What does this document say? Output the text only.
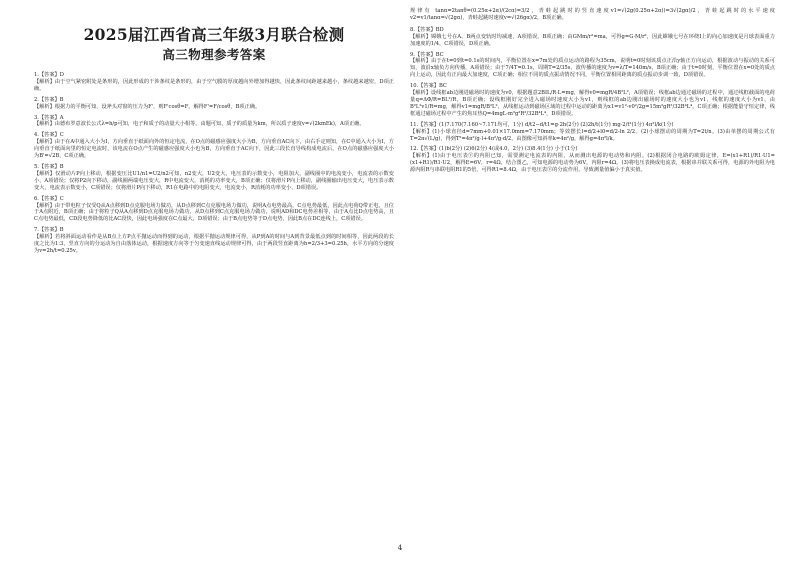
2025届江西省高三年级3月联合检测
高三物理参考答案
1.【答案】D
【解析】由于空气紧密附处是条形的，因此形成的干涉条纹是条形的，由于空气膜的厚度越向外增加得越快，因此条纹间距越来越小，条纹越来越密，D项正确。
2.【答案】B
【解析】根据力的平衡可知，设斧头对窗的压力为F'，则F'cosθ=F，解得F'=F/cosθ，B项正确。
3.【答案】A
【解析】由德布罗意波长公式λ=h/p可知，电子和质子的动量大小相等，由题可知，质子的质量为km，所以质子速度v=√(2kmEk)，A项正确。
4.【答案】C
【解析】由于在A中通入大小为I，方向垂直于纸面向外的恒定电流，在O点的磁感应强度大小为B，方向垂直AC向下，由右手定则知，在C中通入大小为I，方向垂直于纸面向里的恒定电流时，该电流在O点产生的磁感应强度大小也为B，方向垂直于AC向下，因此三段长直导线构成电流后，在O点的磁感应强度大小为B'=√2B，C项正确。
5.【答案】B
【解析】仅滑动片P向上移动，根据变压比U1/n1=U2/n2可知，n2变大，U2变大，电压表的示数变小，电阻加大，副线圈中的电流变小，电流表的示数变小，A项错误；仅将P2向下移动，副线圈两端电压变大，R中电流变大，消耗的功率变大，B项正确；仅将滑片P向上移动，副线圈输出电压变大，电压表示数变大，电流表示数变小，C项错误；仅将滑片P向下移动，R1在电路中的电阻变大，电流变小，R消耗的功率变小，D项错误。
6.【答案】C
【解析】由于带电粒子仅受Q从A点移到D点克服电场力做功，从D点移到C点克服电场力做功，说明A点电势最高，C点电势最低，因此点电荷Q带正电，且位于A点附近，B项正确；由于将粒子Q从A点移到D点克服电场力做功，从D点移到C点克服电场力做功，说明AD和DC电势差相等，由于A点比D点电势高，且C点电势最低，CD段电势降低的比AC段快，因此电场强度在C点最大，D项错误；由于B点电势等于D点电势，因此B点在DC连线上，C项错误。
7.【答案】B
【解析】若将斜面运动看作是从B点上方P点平抛运动而得到的运动，根据平抛运动规律可得，从P到A的时间与A到背景最低点到的时间相等，因此两段的长度之比为1:3，竖直方向的分运动为自由落体运动，根据速度方向等于匀变速直线运动规律可得，由于两段竖直距离为h=2/3+3=0.25h，水平方向的分速度为v=2h/t=0.25v。
规律有 tanα=2tanθ=(0.25α+2α)/(2cα)=3/2，青蛙起跳时的竖直速度v1=√(2g(0.25α+2α))=3√(2gα)/2，青蛙起跳时的水平速度v2=v1/tanα=√(2gα)，青蛙起跳时速度v=√(26gα)/2，B项正确。
8.【答案】BD
【解析】嫦娥七号在A、B两点变轨时均减速，A项错误，B项正确；由GMm/r²=ma，可得g=G·M/r²，因此嫦娥七号在环绕Ⅰ上的向心加速度是月球表面重力加速度的1/4，C项错误，D项正确。
9.【答案】BC
【解析】由于在t=0到t=0.1s的时间内，平衡位置在x=7m处的质点运动的路程为35cm，说明t=0时刻该质点正沿y轴正方向运动，根据波动与振动的关系可知，波沿x轴负方向传播，A项错误；由于7/4T=0.1s，周期T=2/35s，波传播的速度为v=λ/T=140m/s，B项正确；由于t=0时刻，平衡位置在x=0处的质点向上运动，因此有正向最大加速度，C项正确；相位不同的质点振动情况不同，平衡位置相同距离的质点振动步调一致，D项错误。
10.【答案】BC
【解析】设线框ab边刚进磁场时的速度为v0，根据题意2BIL/R·L=mg，解得v0=mgR/4B²L²，A项错误；线框ab边通过磁场的过程中，通过线框截面的电荷量q=ΔΦ/R=BL²/R，B项正确；设线框刚好完全进入磁场时速度大小为v1，则线框的ab边刚出磁场时的速度大小也为v1，线框的速度大小为v1，由B²L²v1/R=mg，解得v1=mgR/B²L²，从线框运动到磁场区域的过程中运动的距离为x1=v1²-v0²/2g=15m²gR²/32B⁴L⁴，C项正确；根据能量守恒定律，线框通过磁场过程中产生的焦耳热Q=4mgL-m³g²R²/32B⁴L⁴，D项错误。
11.【答案】(1)7.170(7.160~7.171均可，1分) d/t2−d/t1=g·2h(2分) (2)2h/t(1分) mg·2/t²(1分) 4π²l/k(1分)
【解析】(1)小球直径d=7mm+0.01×17.0mm=7.170mm；等效摆长l=d/2+l0=d/2-ln 2/2。(2)小球摆动的周期为T=2t/n。(3)由单摆的周期公式有T=2π√(L/g)，得到T²=4π²/g·l+4π²/g·d/2，由图像可知斜率k=4π²/g，解得g=4π²l/k。
12.【答案】(1)b(2分) (2)6(2分) 4(或4.0，2分) (3)8.4(1分) 小于(1分)
【解析】(1)由于电压表Ⓥ的内阻已知，需要测定电流表的内阻，从而测出电源的电动势和内阻。(2)根据闭合电路的欧姆定律，E=(x1+R1)/R1·U1=(x1+R1)/R1·U2，解得E=6V，r=4Ω，结合图乙，可知电源的电动势为6V，内阻r=4Ω。(3)将电压表换成电流表，根据串并联关系可得，电源的外电阻为电源内阻R与串联电阻R1的5倍，可得R1=8.4Ω，由于电压表Ⓥ的分流作用，导致测量值偏小于真实值。
4
